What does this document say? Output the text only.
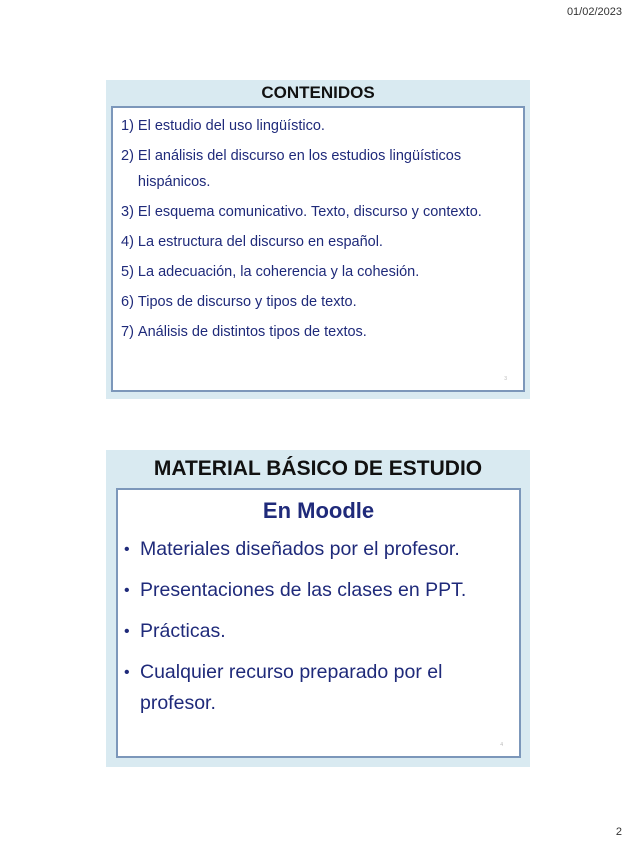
01/02/2023
CONTENIDOS
1) El estudio del uso lingüístico.
2) El análisis del discurso en los estudios lingüísticos hispánicos.
3) El esquema comunicativo. Texto, discurso y contexto.
4) La estructura del discurso en español.
5) La adecuación, la coherencia y la cohesión.
6) Tipos de discurso y tipos de texto.
7) Análisis de distintos tipos de textos.
3
MATERIAL BÁSICO DE ESTUDIO
En Moodle
• Materiales diseñados por el profesor.
• Presentaciones de las clases en PPT.
• Prácticas.
• Cualquier recurso preparado por el profesor.
4
2
